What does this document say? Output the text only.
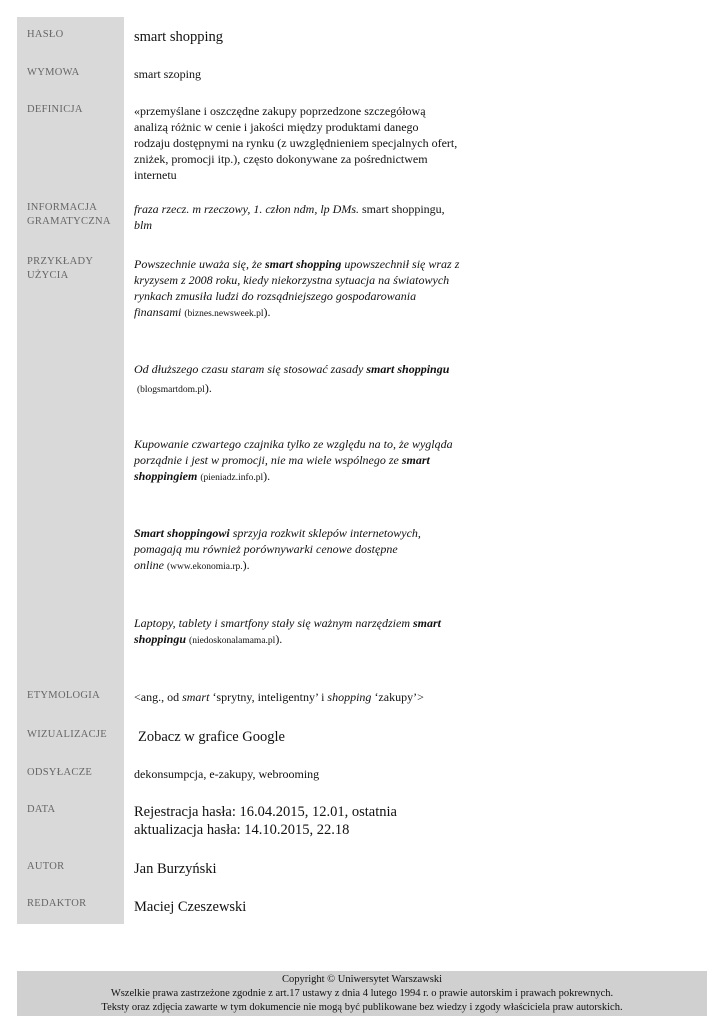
HASŁO
WYMOWA
DEFINICJA
INFORMACJA
GRAMATYCZNA
PRZYKŁADY
UŻYCIA
ETYMOLOGIA
WIZUALIZACJE
ODSYŁACZE
DATA
AUTOR
REDAKTOR
smart shopping
smart szoping
«przemyślane i oszczędne zakupy poprzedzone szczegółową
analizą różnic w cenie i jakości między produktami danego
rodzaju dostępnymi na rynku (z uwzględnieniem specjalnych ofert,
zniżek, promocji itp.), często dokonywane za pośrednictwem
internetu
fraza rzecz. m rzeczowy, 1. człon ndm, lp DMs. smart shoppingu,
blm
Powszechnie uważa się, że smart shopping upowszechnił się wraz z
kryzysem z 2008 roku, kiedy niekorzystna sytuacja na światowych
rynkach zmusiła ludzi do rozsądniejszego gospodarowania
finansami (biznes.newsweek.pl).
Od dłuższego czasu staram się stosować zasady smart shoppingu
(blogsmartdom.pl).
Kupowanie czwartego czajnika tylko ze względu na to, że wygląda
porządnie i jest w promocji, nie ma wiele wspólnego ze smart
shoppingiem (pieniadz.info.pl).
Smart shoppingowi sprzyja rozkwit sklepów internetowych,
pomagają mu również porównywarki cenowe dostępne
online (www.ekonomia.rp.).
Laptopy, tablety i smartfony stały się ważnym narzędziem smart
shoppingu (niedoskonalamama.pl).
<ang., od smart ‘sprytny, inteligentny’ i shopping ‘zakupy’>
Zobacz w grafice Google
dekonsumpcja, e-zakupy, webrooming
Rejestracja hasła: 16.04.2015, 12.01, ostatnia
aktualizacja hasła: 14.10.2015, 22.18
Jan Burzyński
Maciej Czeszewski
Copyright © Uniwersytet Warszawski
Wszelkie prawa zastrzeżone zgodnie z art.17 ustawy z dnia 4 lutego 1994 r. o prawie autorskim i prawach pokrewnych.
Teksty oraz zdjęcia zawarte w tym dokumencie nie mogą być publikowane bez wiedzy i zgody właściciela praw autorskich.
